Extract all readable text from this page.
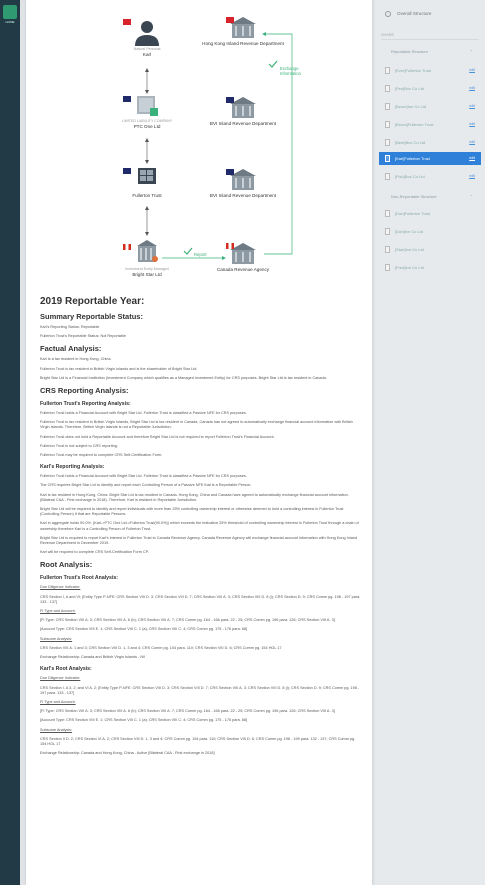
HOME
Natural Personal
Karl
LIMITED LIABILITY COMPANY
PTC One Ltd
Fullerton Trust
Investment Entity Managed
Bright Star Ltd
Hong Kong Inland Revenue Department
BVI Inland Revenue Department
BVI Inland Revenue Department
Canada Revenue Agency
Exchange Information
Report
2019 Reportable Year:
Summary Reportable Status:
Karl's Reporting Status: Reportable
Fullerton Trust's Reportable Status: Not Reportable
Factual Analysis:
Karl is a tax resident in Hong Kong, China.
Fullerton Trust is tax resident in British Virgin Islands and is the shareholder of Bright Star Ltd.
Bright Star Ltd is a Financial Institution (Investment Company which qualifies as a Managed Investment Entity) for CRS purposes. Bright Star Ltd is tax resident in Canada.
CRS Reporting Analysis:
Fullerton Trust's Reporting Analysis:
Fullerton Trust holds a Financial Account with Bright Star Ltd. Fullerton Trust is classified a Passive NFE for CRS purposes.
Fullerton Trust is tax resident in British Virgin Islands, Bright Star Ltd is tax resident in Canada. Canada has not agreed to automatically exchange financial account information with British Virgin Islands. Therefore, British Virgin Islands is not a Reportable Jurisdiction.
Fullerton Trust does not hold a Reportable Account and therefore Bright Star Ltd is not required to report Fullerton Trust's Financial Account.
Fullerton Trust is not subject to CRS reporting.
Fullerton Trust may be required to complete CRS Self-Certification Form.
Karl's Reporting Analysis:
Fullerton Trust holds a Financial Account with Bright Star Ltd. Fullerton Trust is classified a Passive NFE for CRS purposes.
The CRS requires Bright Star Ltd to identify and report each Controlling Person of a Passive NFE that is a Reportable Person.
Karl is tax resident in Hong Kong, China. Bright Star Ltd is tax resident in Canada. Hong Kong, China and Canada have agreed to automatically exchange financial account information. (Bilateral CAA - First exchange in 2018). Therefore, Karl is resident in Reportable Jurisdiction.
Bright Star Ltd will be required to identify and report individuals with more than 25% controlling ownership interest or otherwise deemed to hold a controlling interest in Fullerton Trust (Controlling Person) if that are Reportable Persons.
Karl in aggregate holds 90.0%. (Karl->PTC One Ltd->Fullerton Trust(90.0%)) which exceeds the indicative 25% threshold of controlling ownership interest in Fullerton Trust through a chain of ownership therefore Karl is a Controlling Person of Fullerton Trust.
Bright Star Ltd is required to report Karl's interest in Fullerton Trust to Canada Revenue Agency. Canada Revenue Agency will exchange financial account information with Hong Kong Inland Revenue Department in December 2019.
Karl will be required to complete CRS Self-Certification Form CP.
Root Analysis:
Fullerton Trust's Root Analysis:
Due Diligence Indicator:
CRS Section I, A and VI; [Entity Type P-NFE: CRS Section VIII D. 3; CRS Section VIII D. 7; CRS Section VIII A. 3; CRS Section VIII D. 8 (i); CRS Section D. 9; CRS Comm pg. 198 - 197 para. 133 - 137]
FI Type and Account:
[FI Type: CRS Section VIII A. 3; CRS Section VIII A. 6 (b); CRS Section VIII A. 7; CRS Comm pg. 164 - 166 para. 22 - 25; CRS Comm pg. 196 para. 126; CRS Section VIII A. 3]
[Account Type: CRS Section VIII E. 1; CRS Section VIII C. 1 (a); CRS Section VIII C. 4; CRS Comm pg. 175 - 176 para. 68]
Subsume Analysis:
CRS Section VIII A. 1 and 3; CRS Section VIII D. 1, 3 and 4; CRS Comm pg. 104 para. 110; CRS Section VIII D. 6; CRS Comm pg. 154 HGL 17
Exchange Relationship: Canada and British Virgin Islands - Nil
Karl's Root Analysis:
Due Diligence Indicator:
CRS Section I, A 3, 2; and VI A, 2; [Entity Type P-NFE: CRS Section VIII D. 3; CRS Section VIII D. 7; CRS Section VIII A. 3; CRS Section VIII D. 8 (i); CRS Section D. 9; CRS Comm pg. 198 - 197 para. 133 - 137]
FI Type and Account:
[FI Type: CRS Section VIII A. 3; CRS Section VIII A. 6 (b); CRS Section VIII A. 7; CRS Comm pg. 164 - 166 para. 22 - 25; CRS Comm pg. 196 para. 126; CRS Section VIII A. 3]
[Account Type: CRS Section VIII E. 1; CRS Section VIII C. 1 (a); CRS Section VIII C. 4; CRS Comm pg. 175 - 176 para. 68]
Subsume Analysis:
CRS Section II D. 2; CRS Section VI A. 2; CRS Section VIII D. 1, 3 and 4; CRS Comm pg. 194 para. 110; CRS Section VIII D. 6; CRS Comm pg. 198 - 199 para. 132 - 137; CRS Comm pg. 154 HGL 17
Exchange Relationship: Canada and Hong Kong, China - Active [Bilateral CAA - First exchange in 2018]
Overall Structure
SHARE
Reportable Structure	⌃
[Ever]Fullerton Trust	edit
[Fee]Box Co Ltd	edit
[Bcore]Inn Co Ltd	edit
[Bxxxx]Fullerton Trust	edit
[Bent]Box Co Ltd	edit
[Karl]Fullerton Trust	edit
[Fish]Box Co Ltd	edit
Non-Reportable Structure	⌃
[Don]Fullerton Trust
[Don]Inn Co Ltd
[Stan]Inn Co Ltd
[Fred]Inn Co Ltd
